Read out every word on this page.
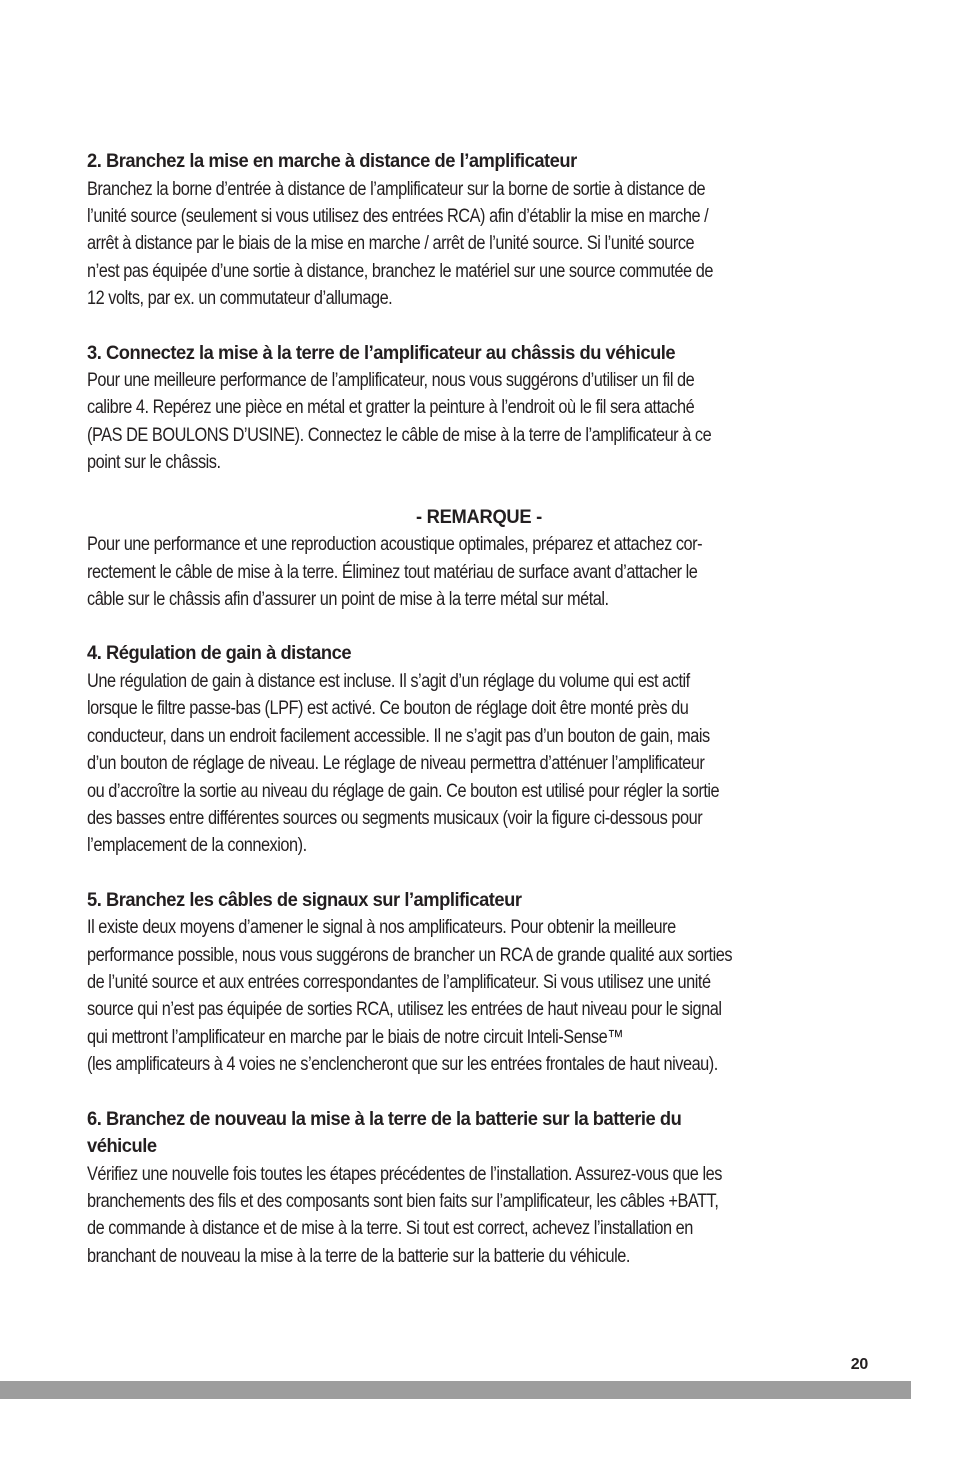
2. Branchez la mise en marche à distance de l’amplificateur

Branchez la borne d’entrée à distance de l’amplificateur sur la borne de sortie à distance de
l’unité source (seulement si vous utilisez des entrées RCA) afin d’établir la mise en marche /
arrêt à distance par le biais de la mise en marche / arrêt de l’unité source. Si l’unité source
n’est pas équipée d’une sortie à distance, branchez le matériel sur une source commutée de
12 volts, par ex. un commutateur d’allumage.

3. Connectez la mise à la terre de l’amplificateur au châssis du véhicule

Pour une meilleure performance de l’amplificateur, nous vous suggérons d’utiliser un fil de
calibre 4. Repérez une pièce en métal et gratter la peinture à l’endroit où le fil sera attaché
(PAS DE BOULONS D’USINE). Connectez le câble de mise à la terre de l’amplificateur à ce
point sur le châssis.

- REMARQUE -

Pour une performance et une reproduction acoustique optimales, préparez et attachez cor-
rectement le câble de mise à la terre. Éliminez tout matériau de surface avant d’attacher le
câble sur le châssis afin d’assurer un point de mise à la terre métal sur métal.

4. Régulation de gain à distance

Une régulation de gain à distance est incluse. Il s’agit d’un réglage du volume qui est actif
lorsque le filtre passe-bas (LPF) est activé. Ce bouton de réglage doit être monté près du
conducteur, dans un endroit facilement accessible. Il ne s’agit pas d’un bouton de gain, mais
d’un bouton de réglage de niveau. Le réglage de niveau permettra d’atténuer l’amplificateur
ou d’accroître la sortie au niveau du réglage de gain. Ce bouton est utilisé pour régler la sortie
des basses entre différentes sources ou segments musicaux (voir la figure ci-dessous pour
l’emplacement de la connexion).

5. Branchez les câbles de signaux sur l’amplificateur

Il existe deux moyens d’amener le signal à nos amplificateurs. Pour obtenir la meilleure
performance possible, nous vous suggérons de brancher un RCA de grande qualité aux sorties
de l’unité source et aux entrées correspondantes de l’amplificateur. Si vous utilisez une unité
source qui n’est pas équipée de sorties RCA, utilisez les entrées de haut niveau pour le signal
qui mettront l’amplificateur en marche par le biais de notre circuit Inteli-Sense™
(les amplificateurs à 4 voies ne s’enclencheront que sur les entrées frontales de haut niveau).

6. Branchez de nouveau la mise à la terre de la batterie sur la batterie du
véhicule

Vérifiez une nouvelle fois toutes les étapes précédentes de l’installation. Assurez-vous que les
branchements des fils et des composants sont bien faits sur l’amplificateur, les câbles +BATT,
de commande à distance et de mise à la terre. Si tout est correct, achevez l’installation en
branchant de nouveau la mise à la terre de la batterie sur la batterie du véhicule.

20
